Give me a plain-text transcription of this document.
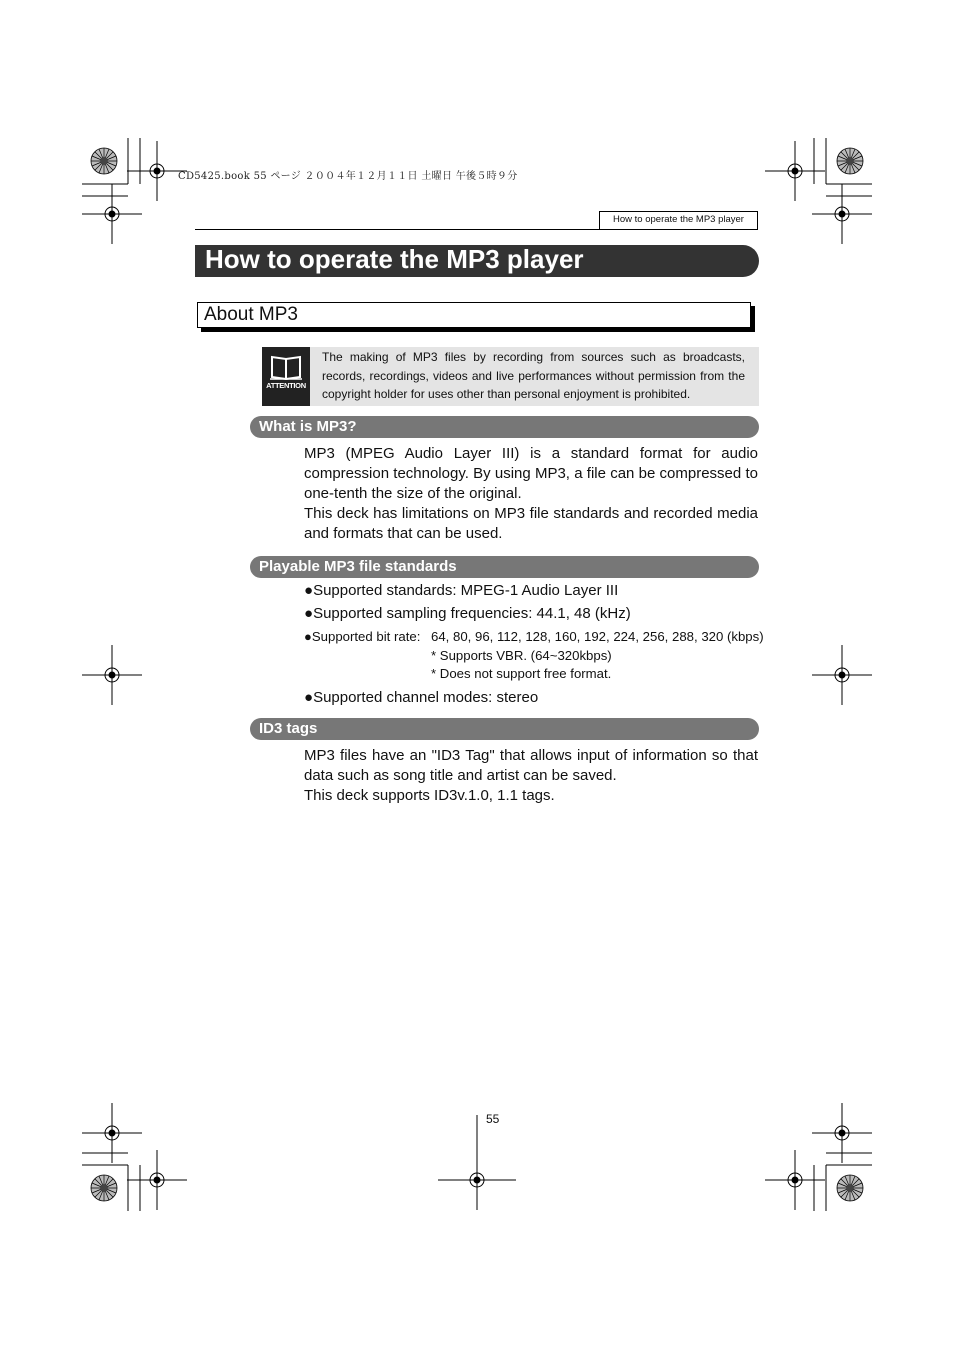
CD5425.book 55 ページ ２００４年１２月１１日 土曜日 午後５時９分
How to operate the MP3 player
How to operate the MP3 player
About MP3
ATTENTION
The making of MP3 files by recording from sources such as broadcasts, records, recordings, videos and live performances without permission from the copyright holder for uses other than personal enjoyment is prohibited.
What is MP3?
MP3 (MPEG Audio Layer III) is a standard format for audio compression technology. By using MP3, a file can be compressed to one-tenth the size of the original.
This deck has limitations on MP3 file standards and recorded media and formats that can be used.
Playable MP3 file standards
●Supported standards: MPEG-1 Audio Layer III
●Supported sampling frequencies: 44.1, 48 (kHz)
●Supported bit rate: 64, 80, 96, 112, 128, 160, 192, 224, 256, 288, 320 (kbps)
* Supports VBR. (64~320kbps)
* Does not support free format.
●Supported channel modes: stereo
ID3 tags
MP3 files have an "ID3 Tag" that allows input of information so that data such as song title and artist can be saved.
This deck supports ID3v.1.0, 1.1 tags.
55
